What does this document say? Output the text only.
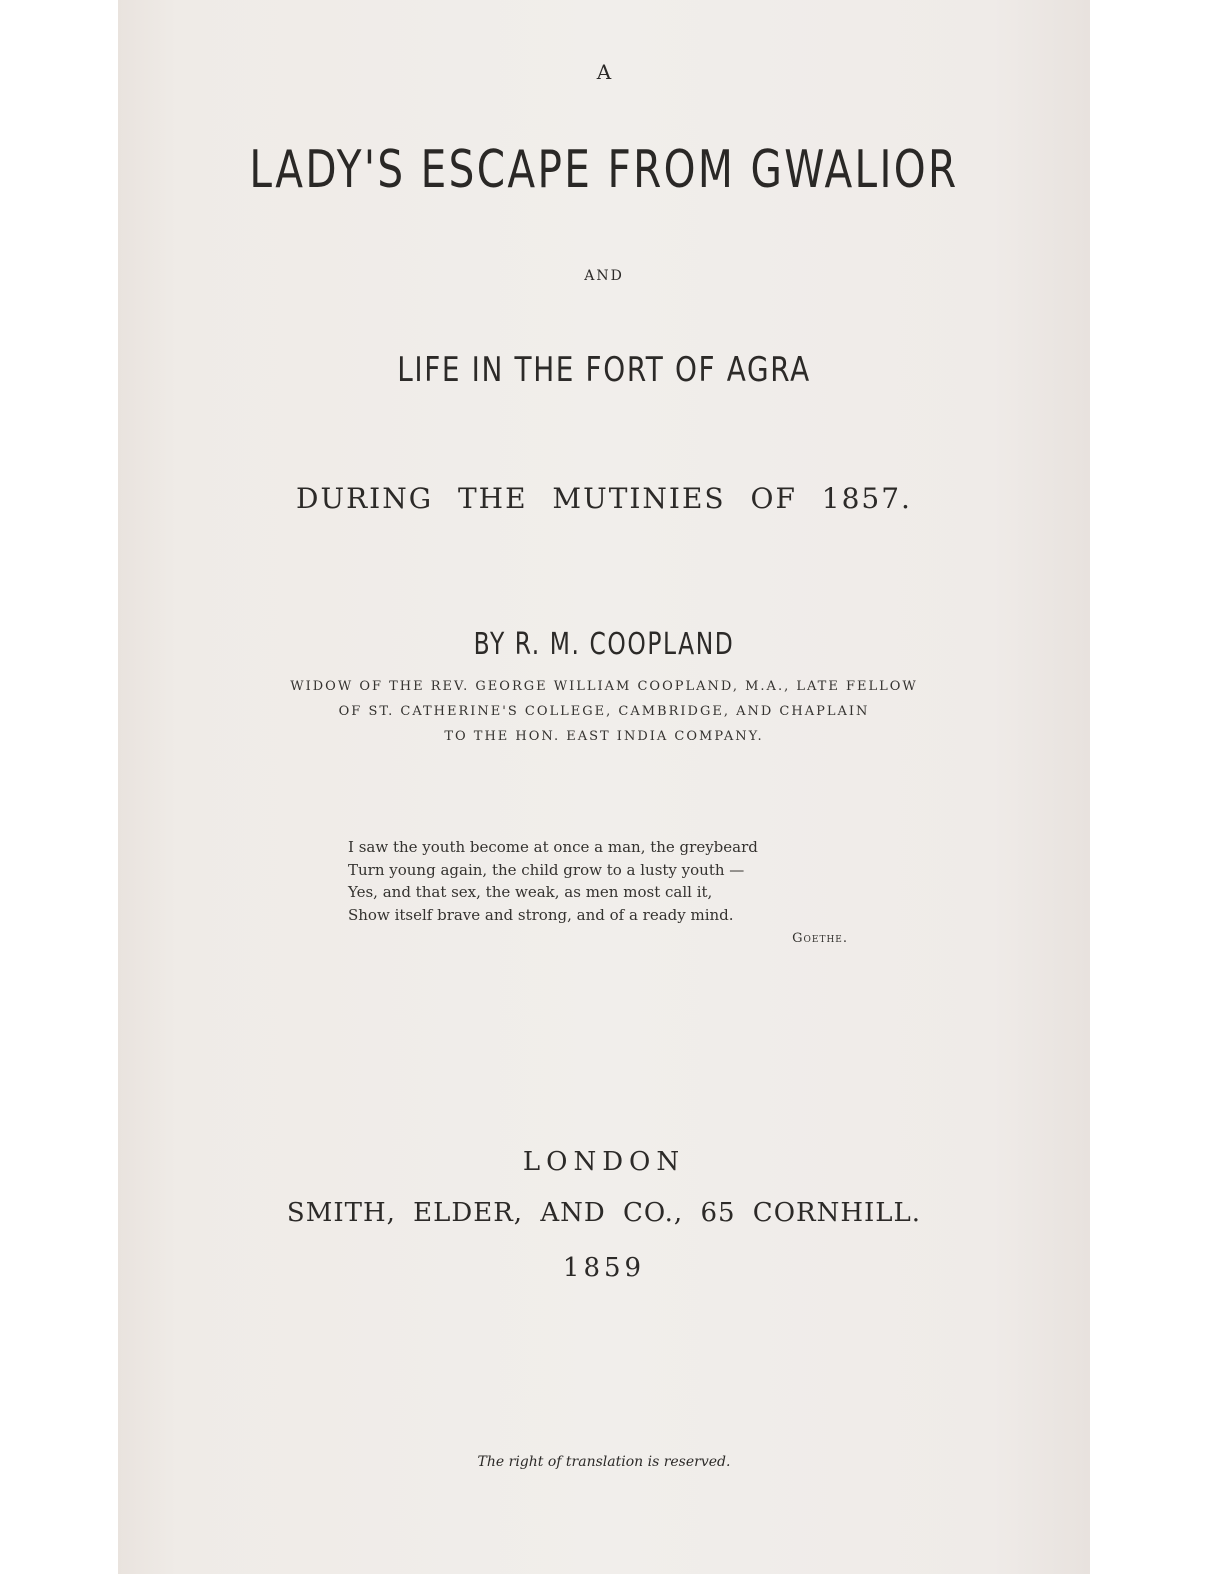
A
LADY'S ESCAPE FROM GWALIOR
AND
LIFE IN THE FORT OF AGRA
DURING THE MUTINIES OF 1857.
BY R. M. COOPLAND
WIDOW OF THE REV. GEORGE WILLIAM COOPLAND, M.A., LATE FELLOW
OF ST. CATHERINE'S COLLEGE, CAMBRIDGE, AND CHAPLAIN
TO THE HON. EAST INDIA COMPANY.
I saw the youth become at once a man, the greybeard
Turn young again, the child grow to a lusty youth —
Yes, and that sex, the weak, as men most call it,
Show itself brave and strong, and of a ready mind.
Goethe.
LONDON
SMITH, ELDER, AND CO., 65 CORNHILL.
1859
The right of translation is reserved.
